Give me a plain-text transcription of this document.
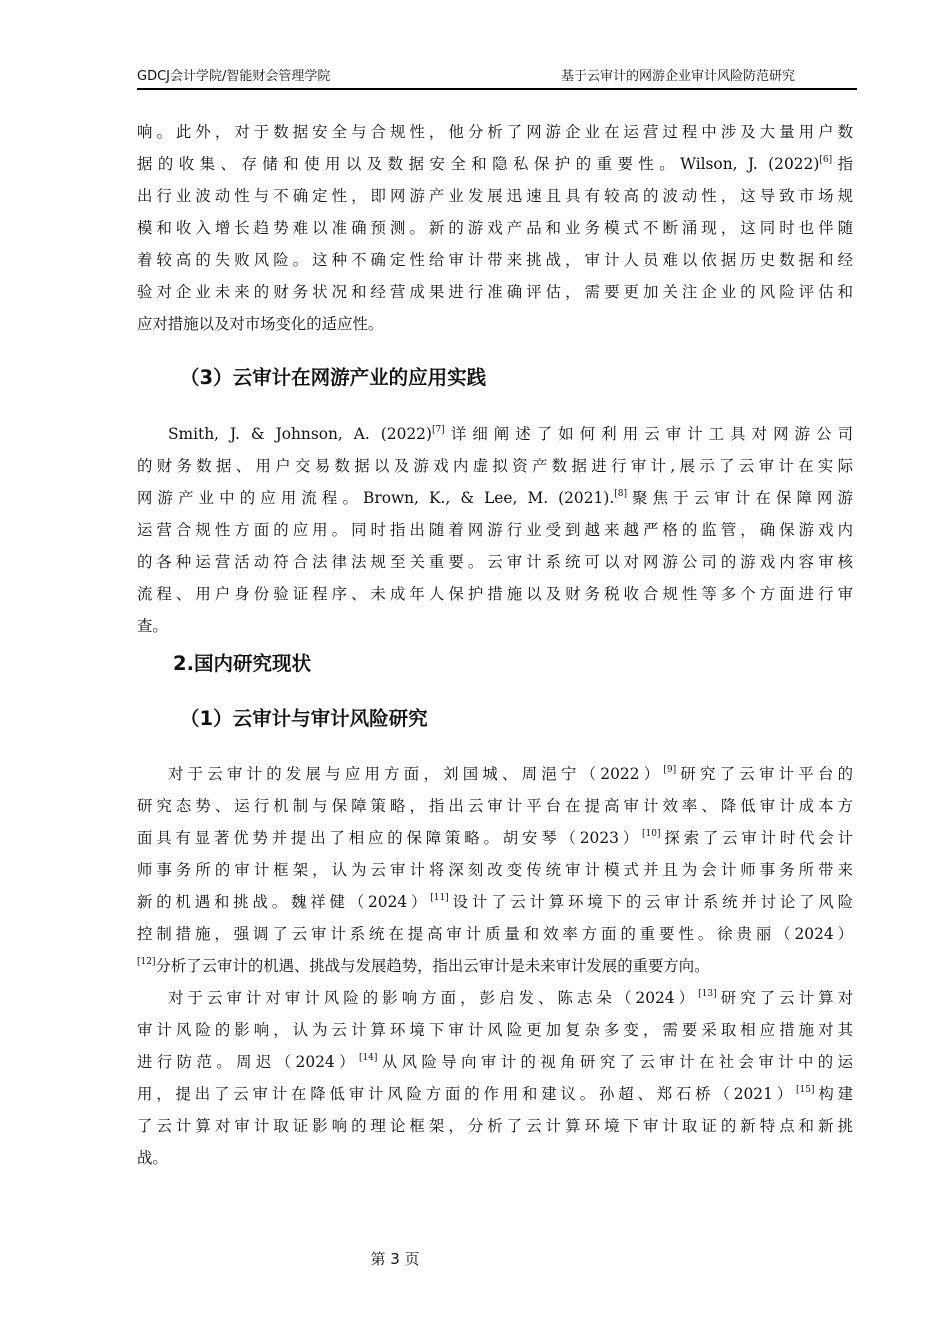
GDCJ会计学院/智能财会管理学院	基于云审计的网游企业审计风险防范研究
响。此外，对于数据安全与合规性，他分析了网游企业在运营过程中涉及大量用户数
据的收集、存储和使用以及数据安全和隐私保护的重要性。Wilson, J. (2022)[6]指
出行业波动性与不确定性，即网游产业发展迅速且具有较高的波动性，这导致市场规
模和收入增长趋势难以准确预测。新的游戏产品和业务模式不断涌现，这同时也伴随
着较高的失败风险。这种不确定性给审计带来挑战，审计人员难以依据历史数据和经
验对企业未来的财务状况和经营成果进行准确评估，需要更加关注企业的风险评估和
应对措施以及对市场变化的适应性。
（3）云审计在网游产业的应用实践
Smith, J. & Johnson, A. (2022)[7]详细阐述了如何利用云审计工具对网游公司
的财务数据、用户交易数据以及游戏内虚拟资产数据进行审计,展示了云审计在实际
网游产业中的应用流程。Brown, K., & Lee, M. (2021).[8]聚焦于云审计在保障网游
运营合规性方面的应用。同时指出随着网游行业受到越来越严格的监管，确保游戏内
的各种运营活动符合法律法规至关重要。云审计系统可以对网游公司的游戏内容审核
流程、用户身份验证程序、未成年人保护措施以及财务税收合规性等多个方面进行审
查。
2.国内研究现状
（1）云审计与审计风险研究
对于云审计的发展与应用方面，刘国城、周浥宁（2022）[9]研究了云审计平台的
研究态势、运行机制与保障策略，指出云审计平台在提高审计效率、降低审计成本方
面具有显著优势并提出了相应的保障策略。胡安琴（2023）[10]探索了云审计时代会计
师事务所的审计框架，认为云审计将深刻改变传统审计模式并且为会计师事务所带来
新的机遇和挑战。魏祥健（2024）[11]设计了云计算环境下的云审计系统并讨论了风险
控制措施，强调了云审计系统在提高审计质量和效率方面的重要性。徐贵丽（2024）
[12]分析了云审计的机遇、挑战与发展趋势，指出云审计是未来审计发展的重要方向。
对于云审计对审计风险的影响方面，彭启发、陈志朵（2024）[13]研究了云计算对
审计风险的影响，认为云计算环境下审计风险更加复杂多变，需要采取相应措施对其
进行防范。周迟（2024）[14]从风险导向审计的视角研究了云审计在社会审计中的运
用，提出了云审计在降低审计风险方面的作用和建议。孙超、郑石桥（2021）[15]构建
了云计算对审计取证影响的理论框架，分析了云计算环境下审计取证的新特点和新挑
战。
第 3 页
